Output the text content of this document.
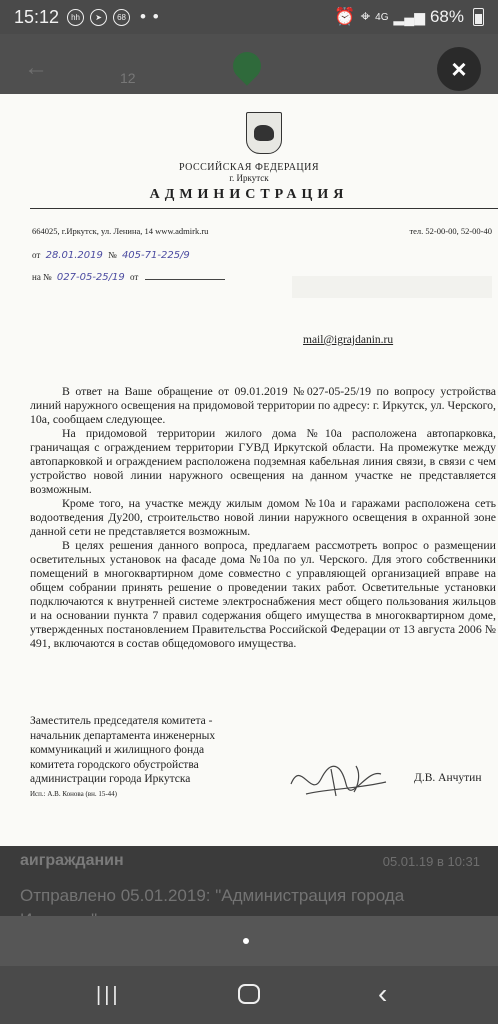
15:12	hh	➤	68 • •	⏰ ⌖ 4G ▂▄▆ 68%
←	12	×
РОССИЙСКАЯ ФЕДЕРАЦИЯ
г. Иркутск
АДМИНИСТРАЦИЯ
664025, г.Иркутск, ул. Ленина, 14 www.admirk.ru	тел. 52-00-00, 52-00-40
от 28.01.2019 № 405-71-225/9
на № 027-05-25/19 от
mail@igrajdanin.ru

В ответ на Ваше обращение от 09.01.2019 №027-05-25/19 по вопросу устройства линий наружного освещения на придомовой территории по адресу: г. Иркутск, ул. Черского, 10а, сообщаем следующее.

На придомовой территории жилого дома №10а расположена автопарковка, граничащая с ограждением территории ГУВД Иркутской области. На промежутке между автопарковкой и ограждением расположена подземная кабельная линия связи, в связи с чем устройство новой линии наружного освещения на данном участке не представляется возможным.

Кроме того, на участке между жилым домом №10а и гаражами расположена сеть водоотведения Ду200, строительство новой линии наружного освещения в охранной зоне данной сети не представляется возможным.

В целях решения данного вопроса, предлагаем рассмотреть вопрос о размещении осветительных установок на фасаде дома №10а по ул. Черского. Для этого собственники помещений в многоквартирном доме совместно с управляющей организацией вправе на общем собрании принять решение о проведении таких работ. Осветительные установки подключаются к внутренней системе электроснабжения мест общего пользования жильцов и на основании пункта 7 правил содержания общего имущества в многоквартирном доме, утвержденных постановлением Правительства Российской Федерации от 13 августа 2006 № 491, включаются в состав общедомового имущества.

Заместитель председателя комитета -
начальник департамента инженерных
коммуникаций и жилищного фонда
комитета городского обустройства
администрации города Иркутска
Исп.: А.В. Конова (вн. 15-44)
Д.В. Анчутин
аигражданин	05.01.19 в 10:31
Отправлено 05.01.2019: "Администрация города
|||	‹
